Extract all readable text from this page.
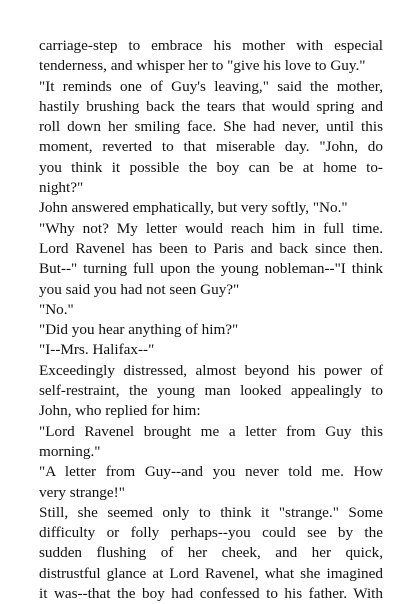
carriage-step to embrace his mother with especial
tenderness, and whisper her to "give his love to Guy."
"It reminds one of Guy's leaving," said the mother,
hastily brushing back the tears that would spring and
roll down her smiling face. She had never, until this
moment, reverted to that miserable day. "John, do
you think it possible the boy can be at home to-
night?"
John answered emphatically, but very softly, "No."
"Why not? My letter would reach him in full time.
Lord Ravenel has been to Paris and back since then.
But--" turning full upon the young nobleman--"I think
you said you had not seen Guy?"
"No."
"Did you hear anything of him?"
"I--Mrs. Halifax--"
Exceedingly distressed, almost beyond his power of
self-restraint, the young man looked appealingly to
John, who replied for him:
"Lord Ravenel brought me a letter from Guy this
morning."
"A letter from Guy--and you never told me. How
very strange!"
Still, she seemed only to think it "strange." Some
difficulty or folly perhaps--you could see by the
sudden flushing of her cheek, and her quick,
distrustful glance at Lord Ravenel, what she imagined
it was--that the boy had confessed to his father. With
